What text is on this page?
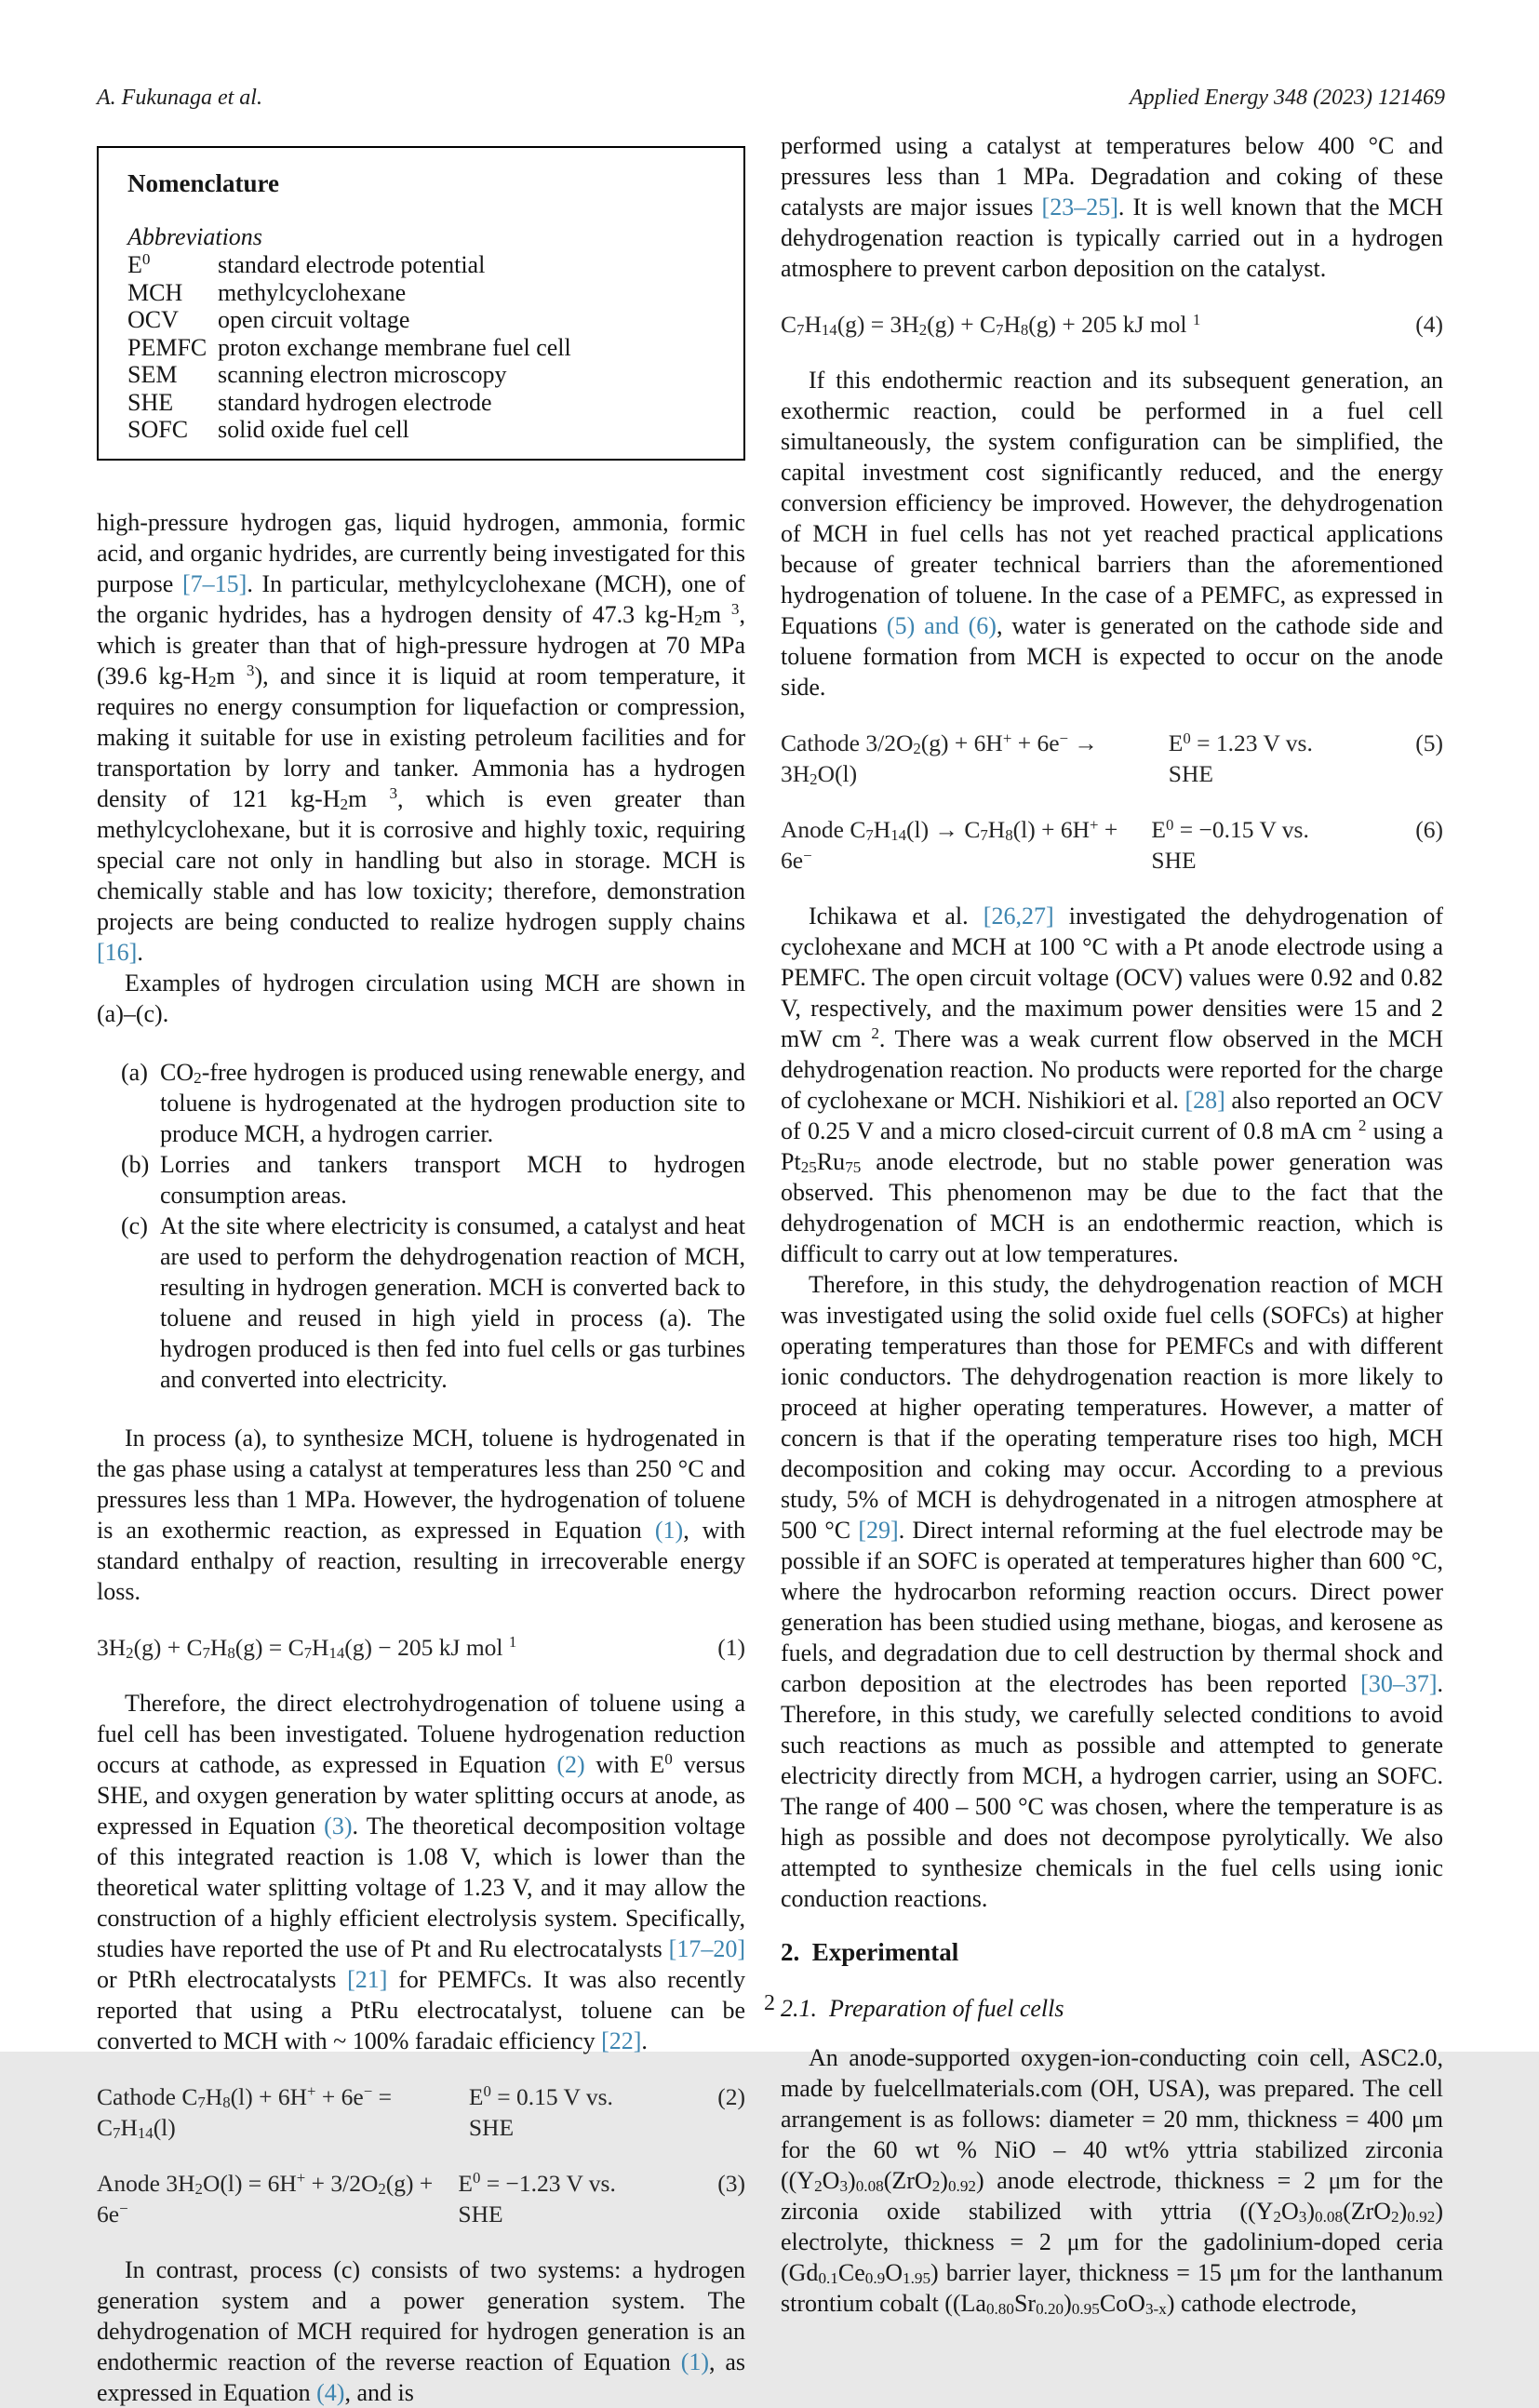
A. Fukunaga et al.	Applied Energy 348 (2023) 121469
Nomenclature
Abbreviations
$E^0$	standard electrode potential
MCH	methylcyclohexane
OCV	open circuit voltage
PEMFC proton exchange membrane fuel cell
SEM	scanning electron microscopy
SHE	standard hydrogen electrode
SOFC	solid oxide fuel cell

high-pressure hydrogen gas, liquid hydrogen, ammonia, formic acid, and organic hydrides, are currently being investigated for this purpose [7–15]. In particular, methylcyclohexane (MCH), one of the organic hydrides, has a hydrogen density of 47.3 $kg-H_2m$ $^3$, which is greater than that of high-pressure hydrogen at 70 MPa (39.6 $kg-H_2m$ $^3$), and since it is liquid at room temperature, it requires no energy consumption for liquefaction or compression, making it suitable for use in existing petroleum facilities and for transportation by lorry and tanker. Ammonia has a hydrogen density of 121 $kg-H_2m$ $^3$, which is even greater than methylcyclohexane, but it is corrosive and highly toxic, requiring special care not only in handling but also in storage. MCH is chemically stable and has low toxicity; therefore, demonstration projects are being conducted to realize hydrogen supply chains [16].

Examples of hydrogen circulation using MCH are shown in (a)–(c).

(a) $CO_2$-free hydrogen is produced using renewable energy, and toluene is hydrogenated at the hydrogen production site to produce MCH, a hydrogen carrier.
(b) Lorries and tankers transport MCH to hydrogen consumption areas.
(c) At the site where electricity is consumed, a catalyst and heat are used to perform the dehydrogenation reaction of MCH, resulting in hydrogen generation. MCH is converted back to toluene and reused in high yield in process (a). The hydrogen produced is then fed into fuel cells or gas turbines and converted into electricity.

In process (a), to synthesize MCH, toluene is hydrogenated in the gas phase using a catalyst at temperatures less than 250 °C and pressures less than 1 MPa. However, the hydrogenation of toluene is an exothermic reaction, as expressed in Equation (1), with standard enthalpy of reaction, resulting in irrecoverable energy loss.

$3H_2(g) + C_7H_8(g) = C_7H_{14}(g) - 205$ kJ mol $^1$	(1)

Therefore, the direct electrohydrogenation of toluene using a fuel cell has been investigated. Toluene hydrogenation reduction occurs at cathode, as expressed in Equation (2) with $E^0$ versus SHE, and oxygen generation by water splitting occurs at anode, as expressed in Equation (3). The theoretical decomposition voltage of this integrated reaction is 1.08 V, which is lower than the theoretical water splitting voltage of 1.23 V, and it may allow the construction of a highly efficient electrolysis system. Specifically, studies have reported the use of Pt and Ru electrocatalysts [17–20] or PtRh electrocatalysts [21] for PEMFCs. It was also recently reported that using a PtRu electrocatalyst, toluene can be converted to MCH with ~ 100% faradaic efficiency [22].

Cathode $C_7H_8(l) + 6H^+ + 6e^- = C_7H_{14}(l)$
$E^0 = 0.15$ V vs. SHE
(2)
Anode $3H_2O(l) = 6H^+ + 3/2O_2(g) + 6e^-$
$E^0 = -1.23$ V vs. SHE
(3)

In contrast, process (c) consists of two systems: a hydrogen generation system and a power generation system. The dehydrogenation of MCH required for hydrogen generation is an endothermic reaction of the reverse reaction of Equation (1), as expressed in Equation (4), and is

performed using a catalyst at temperatures below 400 °C and pressures less than 1 MPa. Degradation and coking of these catalysts are major issues [23–25]. It is well known that the MCH dehydrogenation reaction is typically carried out in a hydrogen atmosphere to prevent carbon deposition on the catalyst.

$C_7H_{14}(g) = 3H_2(g) + C_7H_8(g) + 205$ kJ mol $^1$	(4)

If this endothermic reaction and its subsequent generation, an exothermic reaction, could be performed in a fuel cell simultaneously, the system configuration can be simplified, the capital investment cost significantly reduced, and the energy conversion efficiency be improved. However, the dehydrogenation of MCH in fuel cells has not yet reached practical applications because of greater technical barriers than the aforementioned hydrogenation of toluene. In the case of a PEMFC, as expressed in Equations (5) and (6), water is generated on the cathode side and toluene formation from MCH is expected to occur on the anode side.

Cathode $3/2O_2(g) + 6H^+ + 6e^- \to 3H_2O(l)$
$E^0 = 1.23$ V vs. SHE
(5)
Anode $C_7H_{14}(l) \to C_7H_8(l) + 6H^+ + 6e^-$
$E^0 = -0.15$ V vs. SHE
(6)

Ichikawa et al. [26,27] investigated the dehydrogenation of cyclohexane and MCH at 100 °C with a Pt anode electrode using a PEMFC. The open circuit voltage (OCV) values were 0.92 and 0.82 V, respectively, and the maximum power densities were 15 and 2 mW cm $^2$. There was a weak current flow observed in the MCH dehydrogenation reaction. No products were reported for the charge of cyclohexane or MCH. Nishikiori et al. [28] also reported an OCV of 0.25 V and a micro closed-circuit current of 0.8 mA cm $^2$ using a $Pt_{25}Ru_{75}$ anode electrode, but no stable power generation was observed. This phenomenon may be due to the fact that the dehydrogenation of MCH is an endothermic reaction, which is difficult to carry out at low temperatures.

Therefore, in this study, the dehydrogenation reaction of MCH was investigated using the solid oxide fuel cells (SOFCs) at higher operating temperatures than those for PEMFCs and with different ionic conductors. The dehydrogenation reaction is more likely to proceed at higher operating temperatures. However, a matter of concern is that if the operating temperature rises too high, MCH decomposition and coking may occur. According to a previous study, 5% of MCH is dehydrogenated in a nitrogen atmosphere at 500 °C [29]. Direct internal reforming at the fuel electrode may be possible if an SOFC is operated at temperatures higher than 600 °C, where the hydrocarbon reforming reaction occurs. Direct power generation has been studied using methane, biogas, and kerosene as fuels, and degradation due to cell destruction by thermal shock and carbon deposition at the electrodes has been reported [30–37]. Therefore, in this study, we carefully selected conditions to avoid such reactions as much as possible and attempted to generate electricity directly from MCH, a hydrogen carrier, using an SOFC. The range of 400 – 500 °C was chosen, where the temperature is as high as possible and does not decompose pyrolytically. We also attempted to synthesize chemicals in the fuel cells using ionic conduction reactions.

2.  Experimental
2.1.  Preparation of fuel cells

An anode-supported oxygen-ion-conducting coin cell, ASC2.0, made by fuelcellmaterials.com (OH, USA), was prepared. The cell arrangement is as follows: diameter = 20 mm, thickness = 400 μm for the 60 wt % NiO – 40 wt% yttria stabilized zirconia $((Y_2O_3)_{0.08}(ZrO_2)_{0.92})$ anode electrode, thickness = 2 μm for the zirconia oxide stabilized with yttria $((Y_2O_3)_{0.08}(ZrO_2)_{0.92})$ electrolyte, thickness = 2 μm for the gadolinium-doped ceria $(Gd_{0.1}Ce_{0.9}O_{1.95})$ barrier layer, thickness = 15 μm for the lanthanum strontium cobalt $((La_{0.80}Sr_{0.20})_{0.95}CoO_{3-x})$ cathode electrode,

2
